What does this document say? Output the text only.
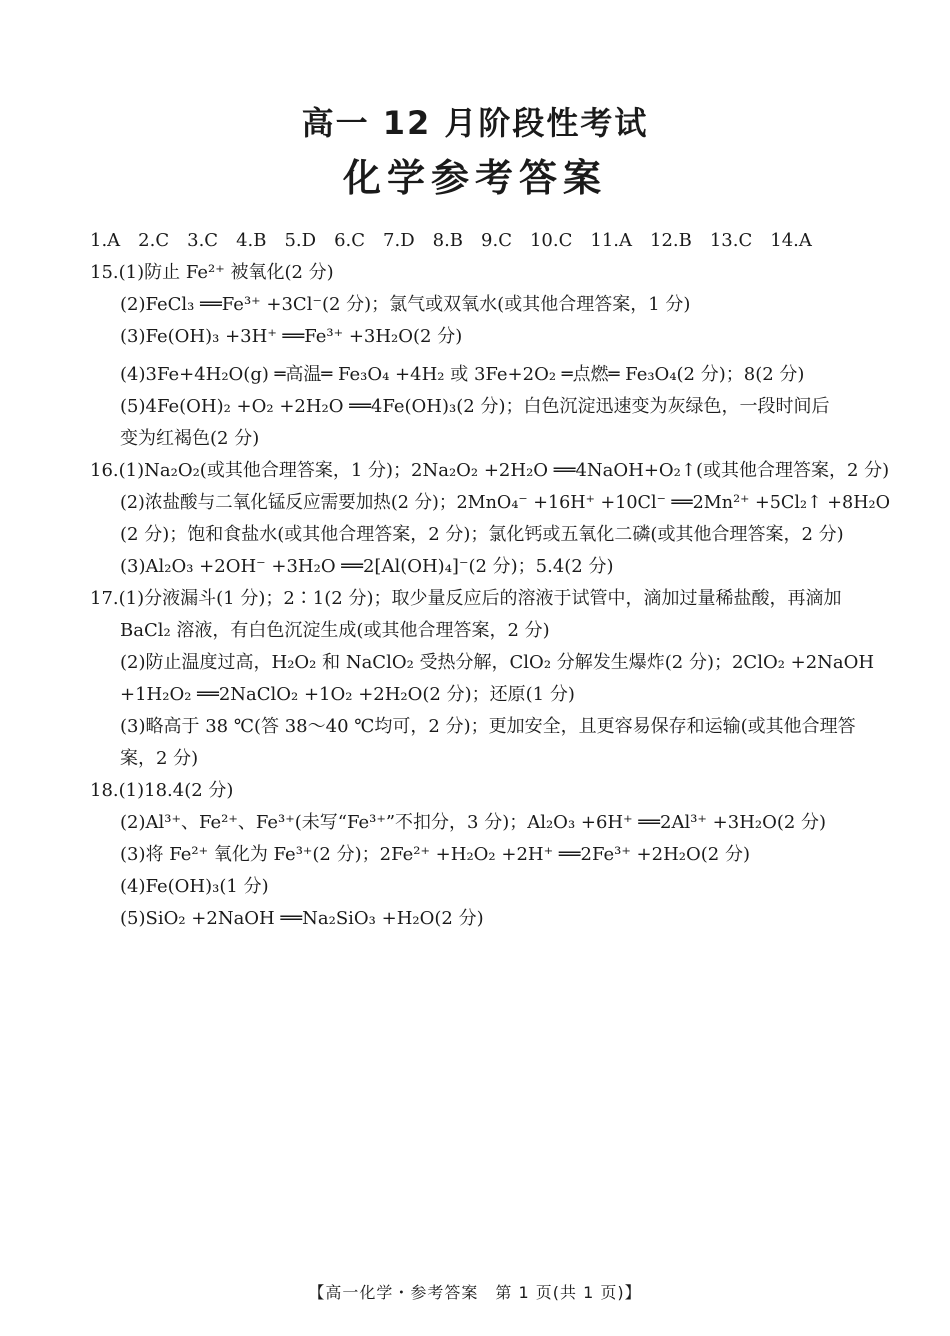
高一 12 月阶段性考试
化学参考答案
1.A　2.C　3.C　4.B　5.D　6.C　7.D　8.B　9.C　10.C　11.A　12.B　13.C　14.A
15.(1)防止 Fe²⁺ 被氧化(2 分)
(2)FeCl₃ ══Fe³⁺ +3Cl⁻(2 分)；氯气或双氧水(或其他合理答案，1 分)
(3)Fe(OH)₃ +3H⁺ ══Fe³⁺ +3H₂O(2 分)
(4)3Fe+4H₂O(g) ═高温═ Fe₃O₄ +4H₂ 或 3Fe+2O₂ ═点燃═ Fe₃O₄(2 分)；8(2 分)
(5)4Fe(OH)₂ +O₂ +2H₂O ══4Fe(OH)₃(2 分)；白色沉淀迅速变为灰绿色，一段时间后
变为红褐色(2 分)
16.(1)Na₂O₂(或其他合理答案，1 分)；2Na₂O₂ +2H₂O ══4NaOH+O₂↑(或其他合理答案，2 分)
(2)浓盐酸与二氧化锰反应需要加热(2 分)；2MnO₄⁻ +16H⁺ +10Cl⁻ ══2Mn²⁺ +5Cl₂↑ +8H₂O
(2 分)；饱和食盐水(或其他合理答案，2 分)；氯化钙或五氧化二磷(或其他合理答案，2 分)
(3)Al₂O₃ +2OH⁻ +3H₂O ══2[Al(OH)₄]⁻(2 分)；5.4(2 分)
17.(1)分液漏斗(1 分)；2∶1(2 分)；取少量反应后的溶液于试管中，滴加过量稀盐酸，再滴加
BaCl₂ 溶液，有白色沉淀生成(或其他合理答案，2 分)
(2)防止温度过高，H₂O₂ 和 NaClO₂ 受热分解，ClO₂ 分解发生爆炸(2 分)；2ClO₂ +2NaOH
+1H₂O₂ ══2NaClO₂ +1O₂ +2H₂O(2 分)；还原(1 分)
(3)略高于 38 ℃(答 38～40 ℃均可，2 分)；更加安全，且更容易保存和运输(或其他合理答
案，2 分)
18.(1)18.4(2 分)
(2)Al³⁺、Fe²⁺、Fe³⁺(未写“Fe³⁺”不扣分，3 分)；Al₂O₃ +6H⁺ ══2Al³⁺ +3H₂O(2 分)
(3)将 Fe²⁺ 氧化为 Fe³⁺(2 分)；2Fe²⁺ +H₂O₂ +2H⁺ ══2Fe³⁺ +2H₂O(2 分)
(4)Fe(OH)₃(1 分)
(5)SiO₂ +2NaOH ══Na₂SiO₃ +H₂O(2 分)
【高一化学・参考答案　第 1 页(共 1 页)】
